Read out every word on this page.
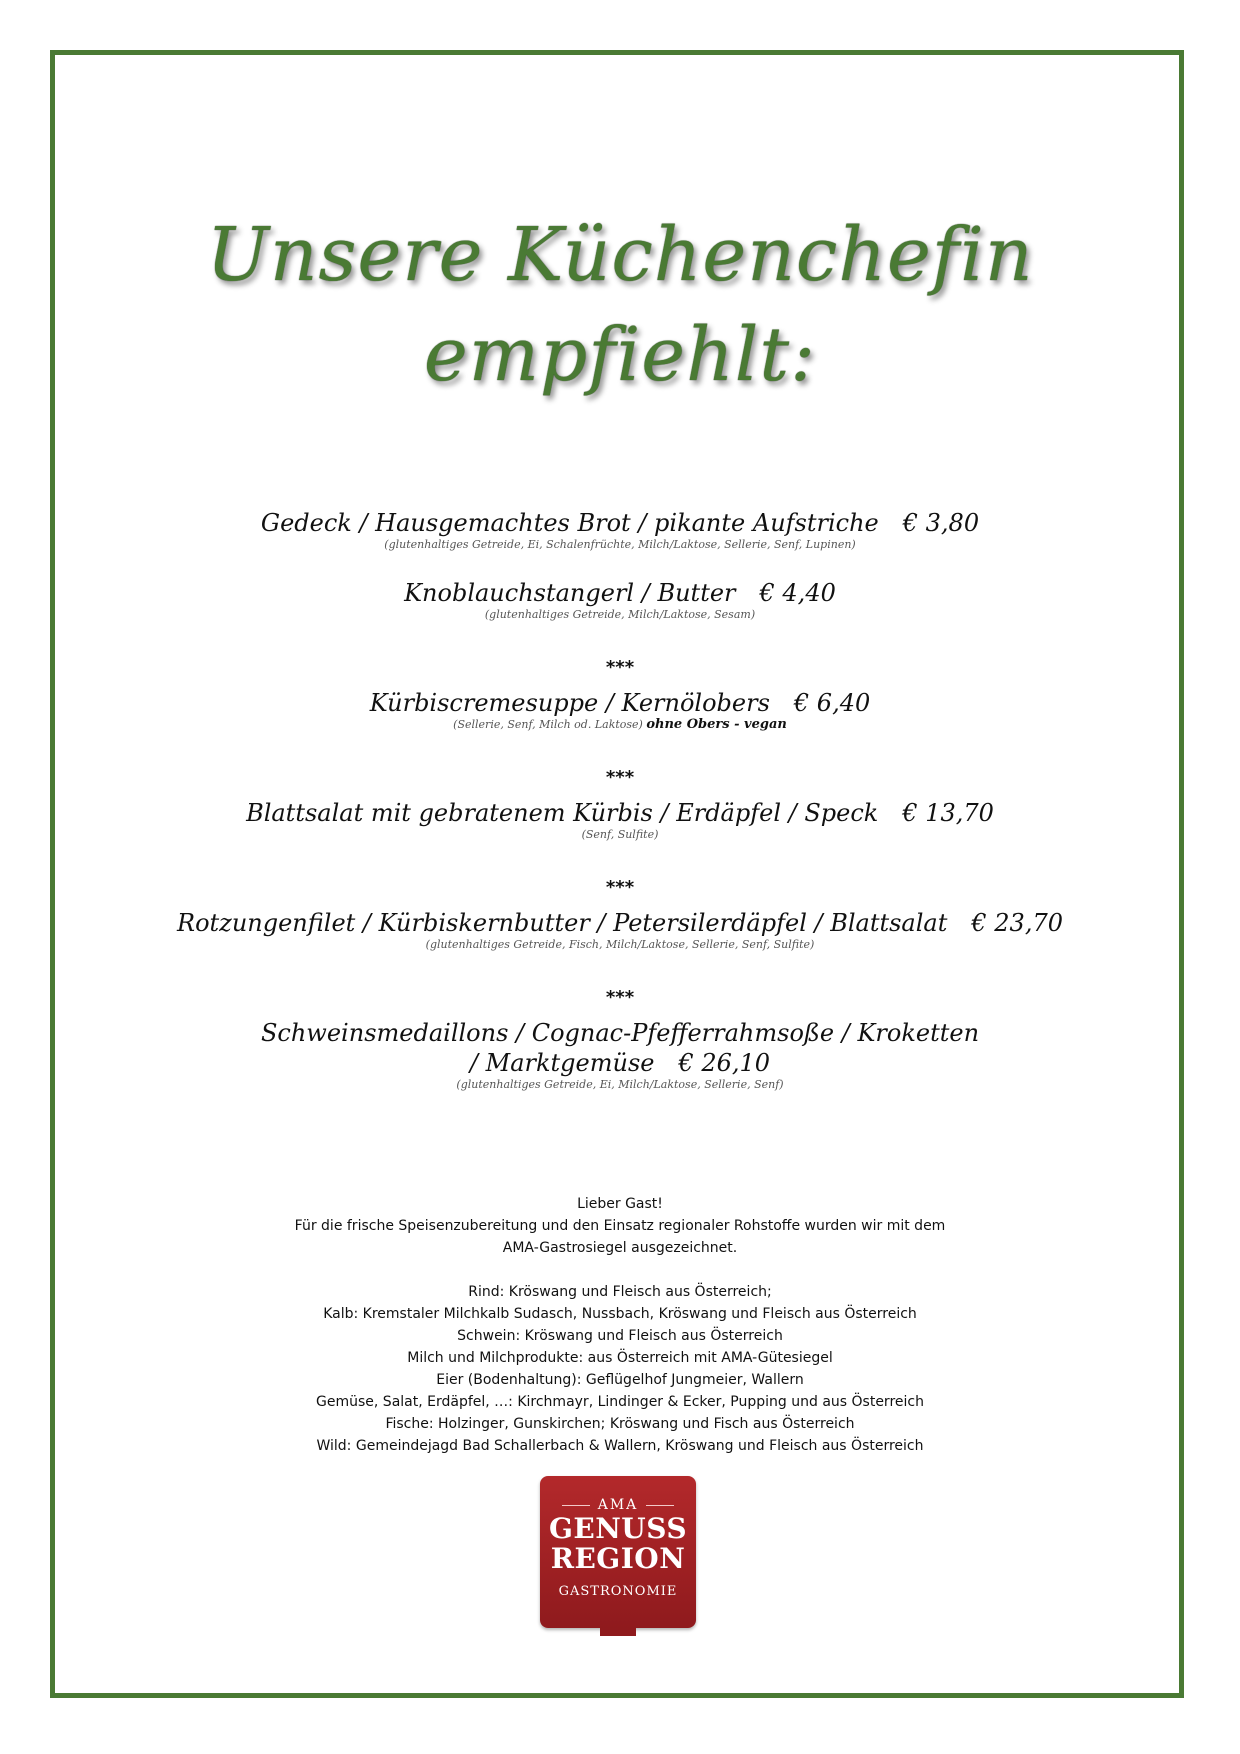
Unsere Küchenchefin
empfiehlt:
Gedeck / Hausgemachtes Brot / pikante Aufstriche € 3,80
(glutenhaltiges Getreide, Ei, Schalenfrüchte, Milch/Laktose, Sellerie, Senf, Lupinen)
Knoblauchstangerl / Butter € 4,40
(glutenhaltiges Getreide, Milch/Laktose, Sesam)
***
Kürbiscremesuppe / Kernölobers € 6,40
(Sellerie, Senf, Milch od. Laktose) ohne Obers - vegan
***
Blattsalat mit gebratenem Kürbis / Erdäpfel / Speck € 13,70
(Senf, Sulfite)
***
Rotzungenfilet / Kürbiskernbutter / Petersilerdäpfel / Blattsalat € 23,70
(glutenhaltiges Getreide, Fisch, Milch/Laktose, Sellerie, Senf, Sulfite)
***
Schweinsmedaillons / Cognac-Pfefferrahmsoße / Kroketten
/ Marktgemüse € 26,10
(glutenhaltiges Getreide, Ei, Milch/Laktose, Sellerie, Senf)
Lieber Gast!
Für die frische Speisenzubereitung und den Einsatz regionaler Rohstoffe wurden wir mit dem
AMA-Gastrosiegel ausgezeichnet.
Rind: Kröswang und Fleisch aus Österreich;
Kalb: Kremstaler Milchkalb Sudasch, Nussbach, Kröswang und Fleisch aus Österreich
Schwein: Kröswang und Fleisch aus Österreich
Milch und Milchprodukte: aus Österreich mit AMA-Gütesiegel
Eier (Bodenhaltung): Geflügelhof Jungmeier, Wallern
Gemüse, Salat, Erdäpfel, …: Kirchmayr, Lindinger & Ecker, Pupping und aus Österreich
Fische: Holzinger, Gunskirchen; Kröswang und Fisch aus Österreich
Wild: Gemeindejagd Bad Schallerbach & Wallern, Kröswang und Fleisch aus Österreich
AMA
GENUSS
REGION
GASTRONOMIE
